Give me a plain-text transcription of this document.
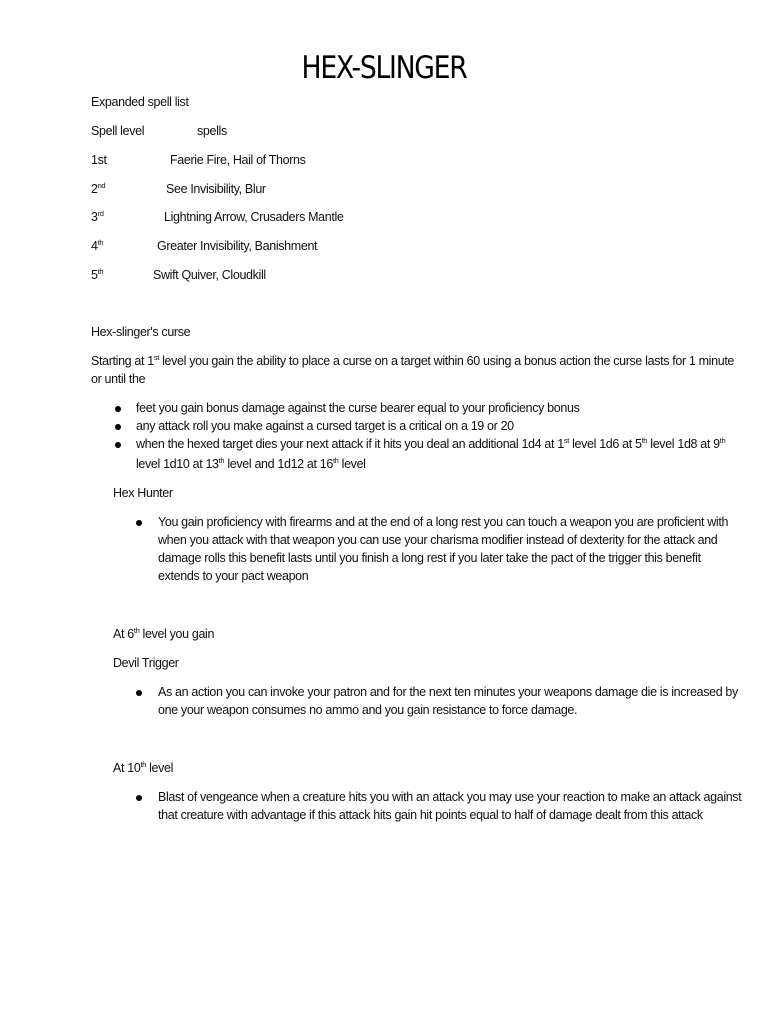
HEX-SLINGER
Expanded spell list
Spell level	spells
1st	Faerie Fire, Hail of Thorns
2nd	See Invisibility, Blur
3rd	Lightning Arrow, Crusaders Mantle
4th	Greater Invisibility, Banishment
5th	Swift Quiver, Cloudkill
Hex-slinger's curse
Starting at 1st level you gain the ability to place a curse on a target within 60 using a bonus action the curse lasts for 1 minute
or until the
feet you gain bonus damage against the curse bearer equal to your proficiency bonus
any attack roll you make against a cursed target is a critical on a 19 or 20
when the hexed target dies your next attack if it hits you deal an additional 1d4 at 1st level 1d6 at 5th level 1d8 at 9th
level 1d10 at 13th level and 1d12 at 16th level
Hex Hunter
You gain proficiency with firearms and at the end of a long rest you can touch a weapon you are proficient with
when you attack with that weapon you can use your charisma modifier instead of dexterity for the attack and
damage rolls this benefit lasts until you finish a long rest if you later take the pact of the trigger this benefit
extends to your pact weapon
At 6th level you gain
Devil Trigger
As an action you can invoke your patron and for the next ten minutes your weapons damage die is increased by
one your weapon consumes no ammo and you gain resistance to force damage.
At 10th level
Blast of vengeance when a creature hits you with an attack you may use your reaction to make an attack against
that creature with advantage if this attack hits gain hit points equal to half of damage dealt from this attack
